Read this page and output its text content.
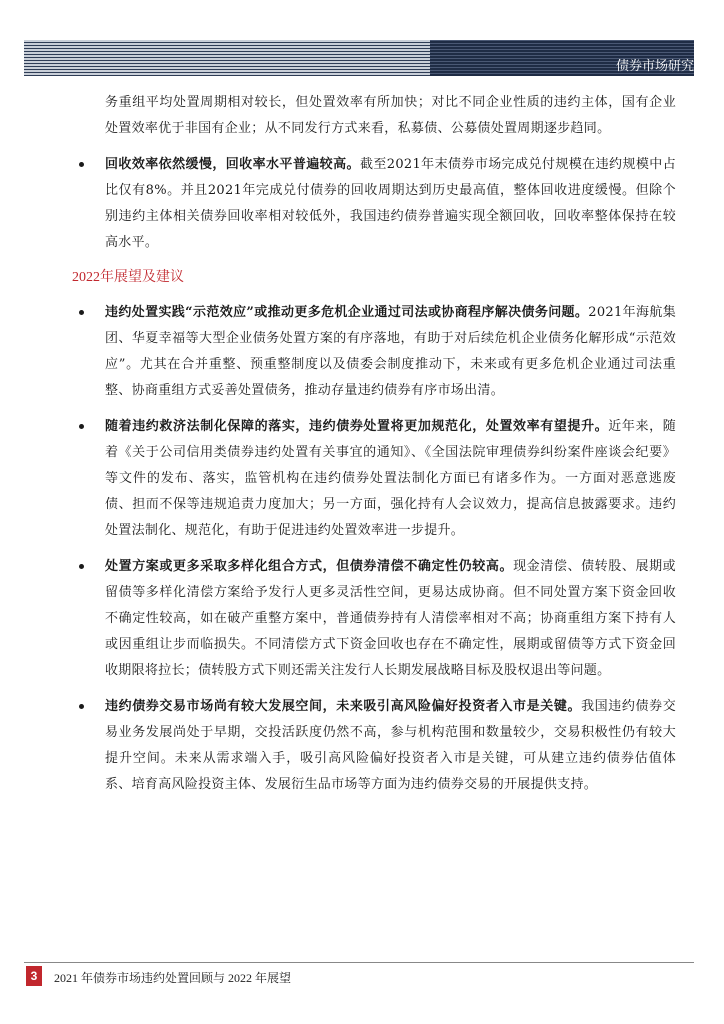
债券市场研究

务重组平均处置周期相对较长，但处置效率有所加快；对比不同企业性质的违约主体，国有企业处置效率优于非国有企业；从不同发行方式来看，私募债、公募债处置周期逐步趋同。

回收效率依然缓慢，回收率水平普遍较高。截至2021年末债券市场完成兑付规模在违约规模中占比仅有8%。并且2021年完成兑付债券的回收周期达到历史最高值，整体回收进度缓慢。但除个别违约主体相关债券回收率相对较低外，我国违约债券普遍实现全额回收，回收率整体保持在较高水平。

2022年展望及建议

违约处置实践“示范效应”或推动更多危机企业通过司法或协商程序解决债务问题。2021年海航集团、华夏幸福等大型企业债务处置方案的有序落地，有助于对后续危机企业债务化解形成“示范效应”。尤其在合并重整、预重整制度以及债委会制度推动下，未来或有更多危机企业通过司法重整、协商重组方式妥善处置债务，推动存量违约债券有序市场出清。

随着违约救济法制化保障的落实，违约债券处置将更加规范化，处置效率有望提升。近年来，随着《关于公司信用类债券违约处置有关事宜的通知》、《全国法院审理债券纠纷案件座谈会纪要》等文件的发布、落实，监管机构在违约债券处置法制化方面已有诸多作为。一方面对恶意逃废债、担而不保等违规追责力度加大；另一方面，强化持有人会议效力，提高信息披露要求。违约处置法制化、规范化，有助于促进违约处置效率进一步提升。

处置方案或更多采取多样化组合方式，但债券清偿不确定性仍较高。现金清偿、债转股、展期或留债等多样化清偿方案给予发行人更多灵活性空间，更易达成协商。但不同处置方案下资金回收不确定性较高，如在破产重整方案中，普通债券持有人清偿率相对不高；协商重组方案下持有人或因重组让步而临损失。不同清偿方式下资金回收也存在不确定性，展期或留债等方式下资金回收期限将拉长；债转股方式下则还需关注发行人长期发展战略目标及股权退出等问题。

违约债券交易市场尚有较大发展空间，未来吸引高风险偏好投资者入市是关键。我国违约债券交易业务发展尚处于早期，交投活跃度仍然不高，参与机构范围和数量较少，交易积极性仍有较大提升空间。未来从需求端入手，吸引高风险偏好投资者入市是关键，可从建立违约债券估值体系、培育高风险投资主体、发展衍生品市场等方面为违约债券交易的开展提供支持。

3	2021 年债券市场违约处置回顾与 2022 年展望
